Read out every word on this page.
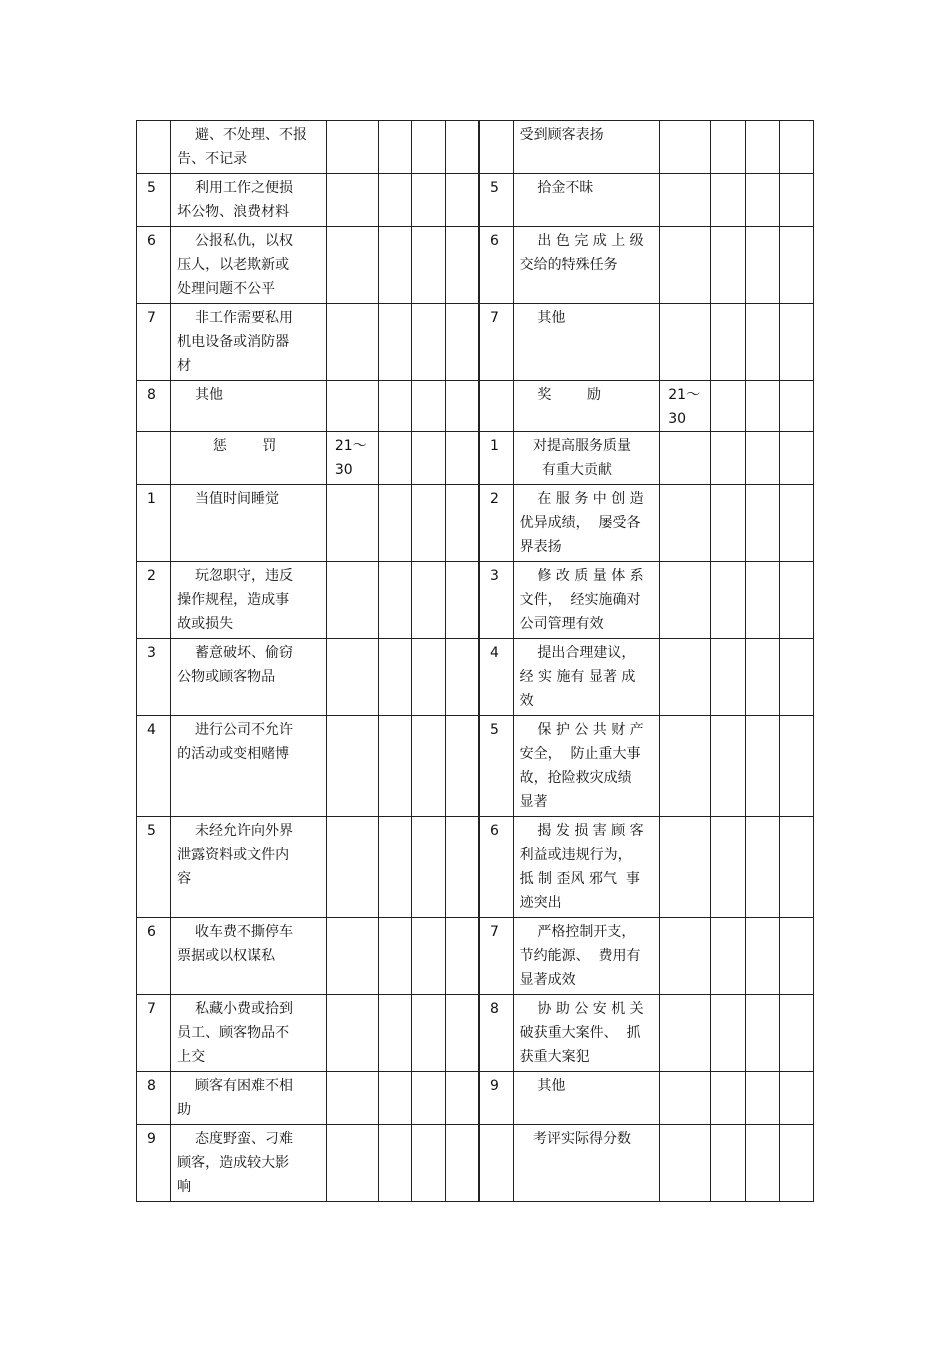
	避、不处理、不报
告、不记录						受到顾客表扬				

5	利用工作之便损
坏公物、浪费材料					5	拾金不昧				

6	公报私仇，以权
压人，以老欺新或
处理问题不公平					6	出 色 完 成 上 级
交给的特殊任务				

7	非工作需要私用
机电设备或消防器
材					7	其他				

8	其他						奖        励	21～ 30			

	惩        罚	21～ 30				1	对提高服务质量
有重大贡献				

1	当值时间睡觉					2	在 服 务 中 创 造
优异成绩，  屡受各
界表扬				

2	玩忽职守，违反
操作规程，造成事
故或损失					3	修 改 质 量 体 系
文件，  经实施确对
公司管理有效				

3	蓄意破坏、偷窃
公物或顾客物品					4	提出合理建议，
经 实 施有 显著 成
效				

4	进行公司不允许
的活动或变相赌博					5	保 护 公 共 财 产
安全，  防止重大事
故，抢险救灾成绩
显著				

5	未经允许向外界
泄露资料或文件内
容					6	揭 发 损 害 顾 客
利益或违规行为，
抵 制 歪风 邪气  事
迹突出				

6	收车费不撕停车
票据或以权谋私					7	严格控制开支，
节约能源、  费用有
显著成效				

7	私藏小费或拾到
员工、顾客物品不
上交					8	协 助 公 安 机 关
破获重大案件、  抓
获重大案犯				

8	顾客有困难不相
助					9	其他				

9	态度野蛮、刁难
顾客，造成较大影
响						考评实际得分数				
